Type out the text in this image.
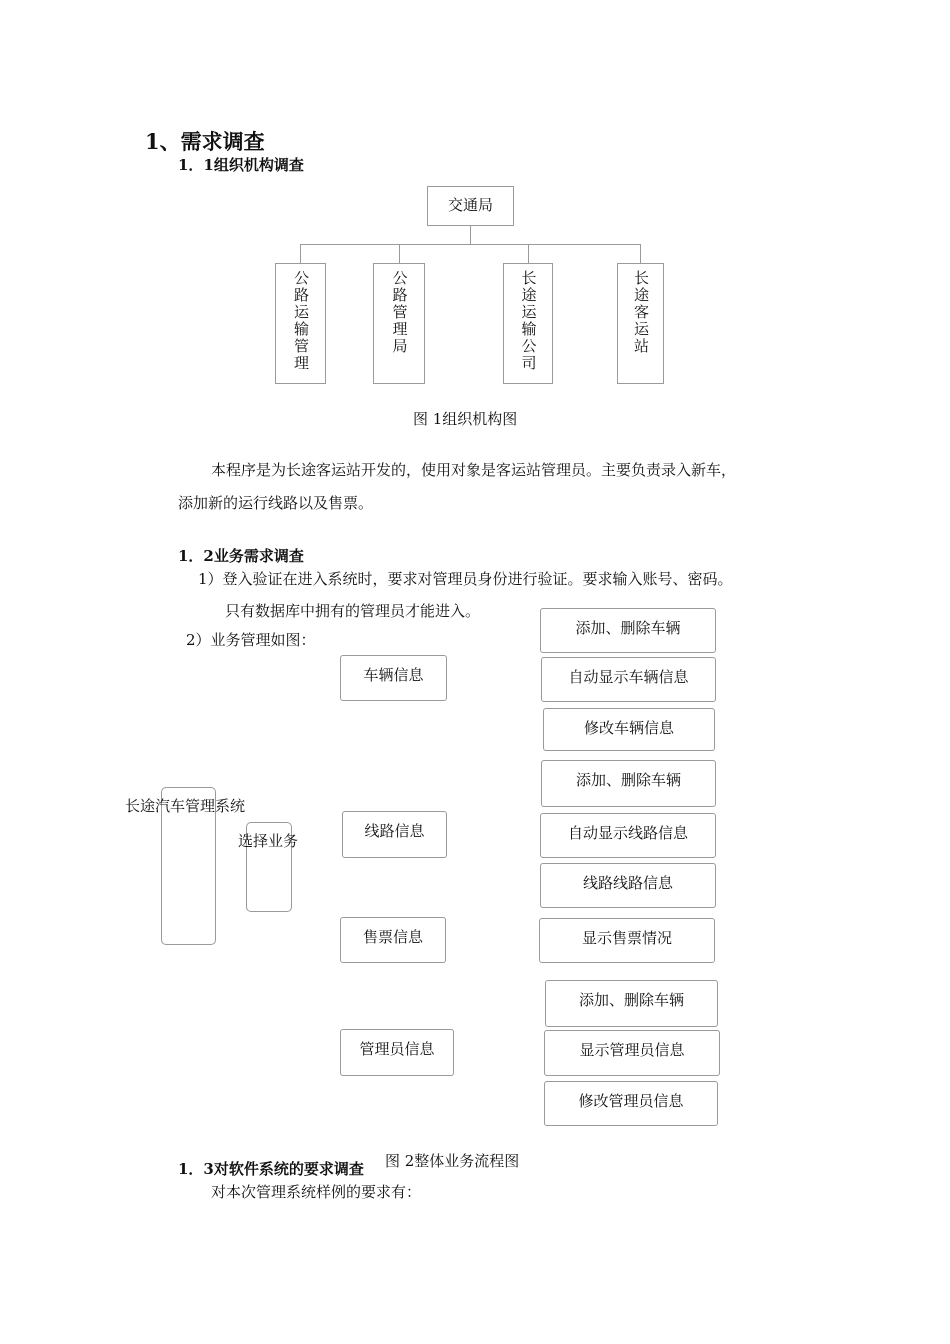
1、需求调查
1．1组织机构调查
交通局
公路运输管理	公路管理局	长途运输公司	长途客运站
图 1组织机构图
本程序是为长途客运站开发的，使用对象是客运站管理员。主要负责录入新车，
添加新的运行线路以及售票。
1．2业务需求调查
1）登入验证在进入系统时，要求对管理员身份进行验证。要求输入账号、密码。
只有数据库中拥有的管理员才能进入。
2）业务管理如图：
长途汽车管理系统
选择业务
车辆信息
线路信息
售票信息
管理员信息
添加、删除车辆
自动显示车辆信息
修改车辆信息
添加、删除车辆
自动显示线路信息
线路线路信息
显示售票情况
添加、删除车辆
显示管理员信息
修改管理员信息
1．3对软件系统的要求调查	图 2整体业务流程图
对本次管理系统样例的要求有：
